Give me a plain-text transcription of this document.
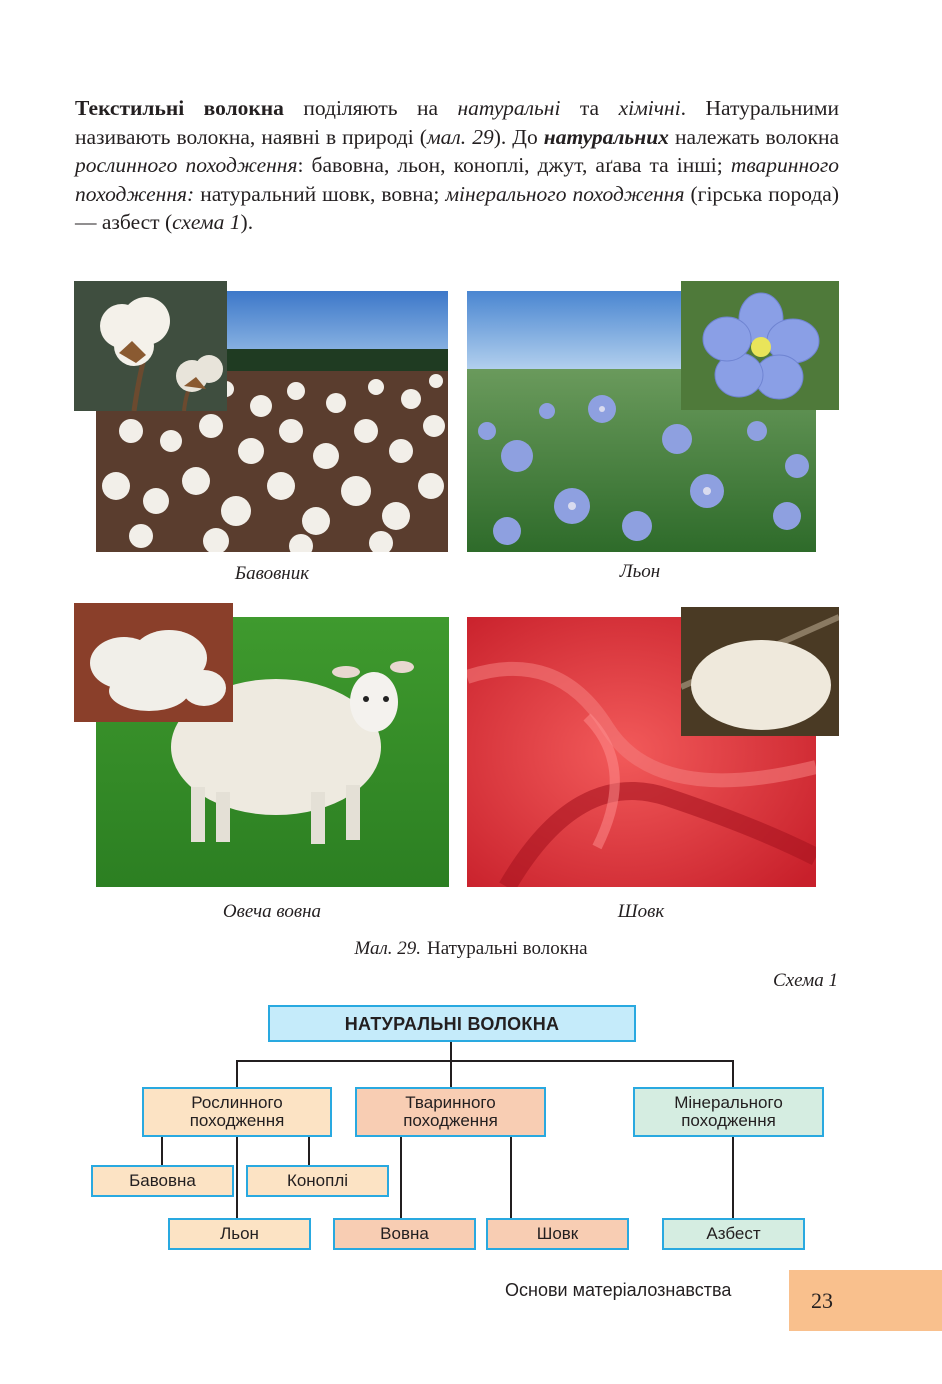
Текстильні волокна поділяють на натуральні та хімічні. Натуральними називають волокна, наявні в природі (мал. 29). До натуральних належать волокна рослинного походження: бавовна, льон, коноплі, джут, аґава та інші; тваринного походження: натуральний шовк, вовна; мінерального походження (гірська порода) — азбест (схема 1).
Бавовник	Льон
Овеча вовна	Шовк
Мал. 29. Натуральні волокна
Схема 1
НАТУРАЛЬНІ ВОЛОКНА
Рослинного походження
Тваринного походження
Мінерального походження
Бавовна	Коноплі
Льон	Вовна	Шовк	Азбест
Основи матеріалознавства	23
